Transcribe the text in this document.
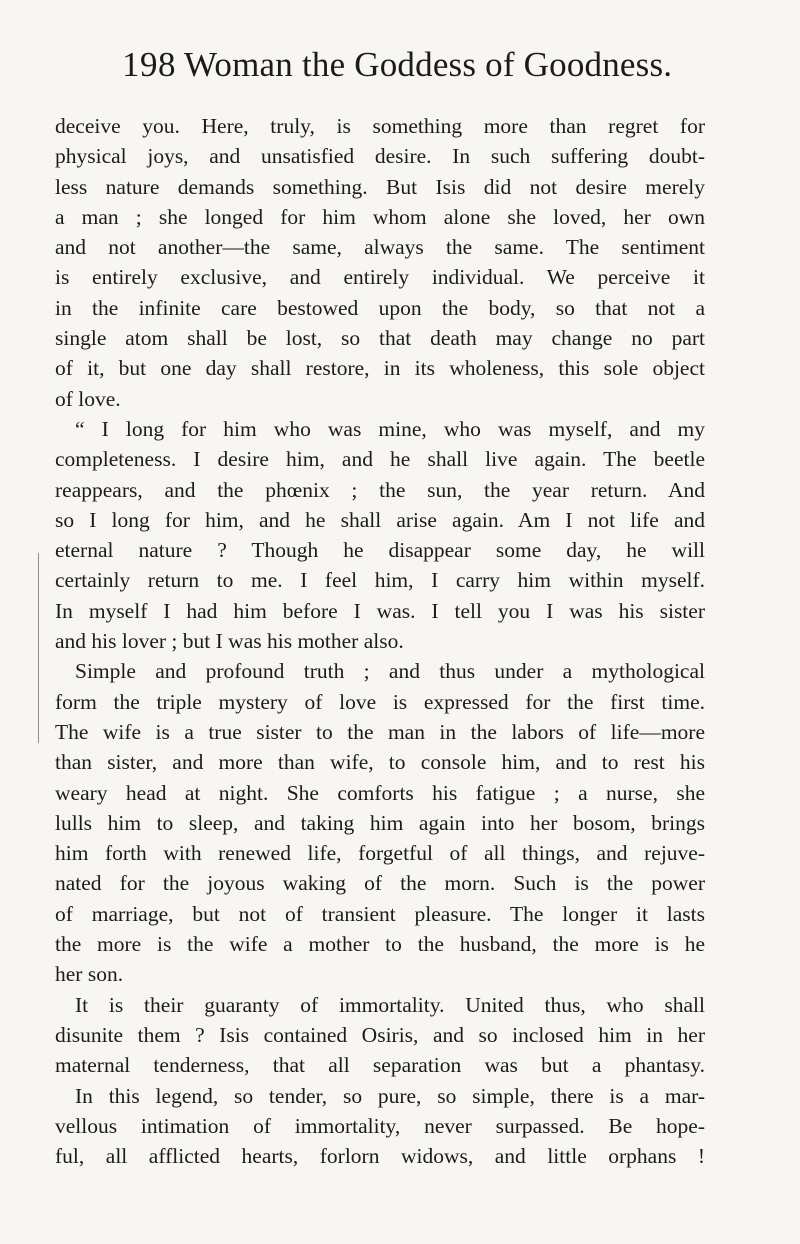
198 Woman the Goddess of Goodness.
deceive you. Here, truly, is something more than regret for
physical joys, and unsatisfied desire. In such suffering doubt-
less nature demands something. But Isis did not desire merely
a man ; she longed for him whom alone she loved, her own
and not another—the same, always the same. The sentiment
is entirely exclusive, and entirely individual. We perceive it
in the infinite care bestowed upon the body, so that not a
single atom shall be lost, so that death may change no part
of it, but one day shall restore, in its wholeness, this sole object
of love.
“ I long for him who was mine, who was myself, and my
completeness. I desire him, and he shall live again. The beetle
reappears, and the phœnix ; the sun, the year return. And
so I long for him, and he shall arise again. Am I not life and
eternal nature ? Though he disappear some day, he will
certainly return to me. I feel him, I carry him within myself.
In myself I had him before I was. I tell you I was his sister
and his lover ; but I was his mother also.
Simple and profound truth ; and thus under a mythological
form the triple mystery of love is expressed for the first time.
The wife is a true sister to the man in the labors of life—more
than sister, and more than wife, to console him, and to rest his
weary head at night. She comforts his fatigue ; a nurse, she
lulls him to sleep, and taking him again into her bosom, brings
him forth with renewed life, forgetful of all things, and rejuve-
nated for the joyous waking of the morn. Such is the power
of marriage, but not of transient pleasure. The longer it lasts
the more is the wife a mother to the husband, the more is he
her son.
It is their guaranty of immortality. United thus, who shall
disunite them ? Isis contained Osiris, and so inclosed him in her
maternal tenderness, that all separation was but a phantasy.
In this legend, so tender, so pure, so simple, there is a mar-
vellous intimation of immortality, never surpassed. Be hope-
ful, all afflicted hearts, forlorn widows, and little orphans !
